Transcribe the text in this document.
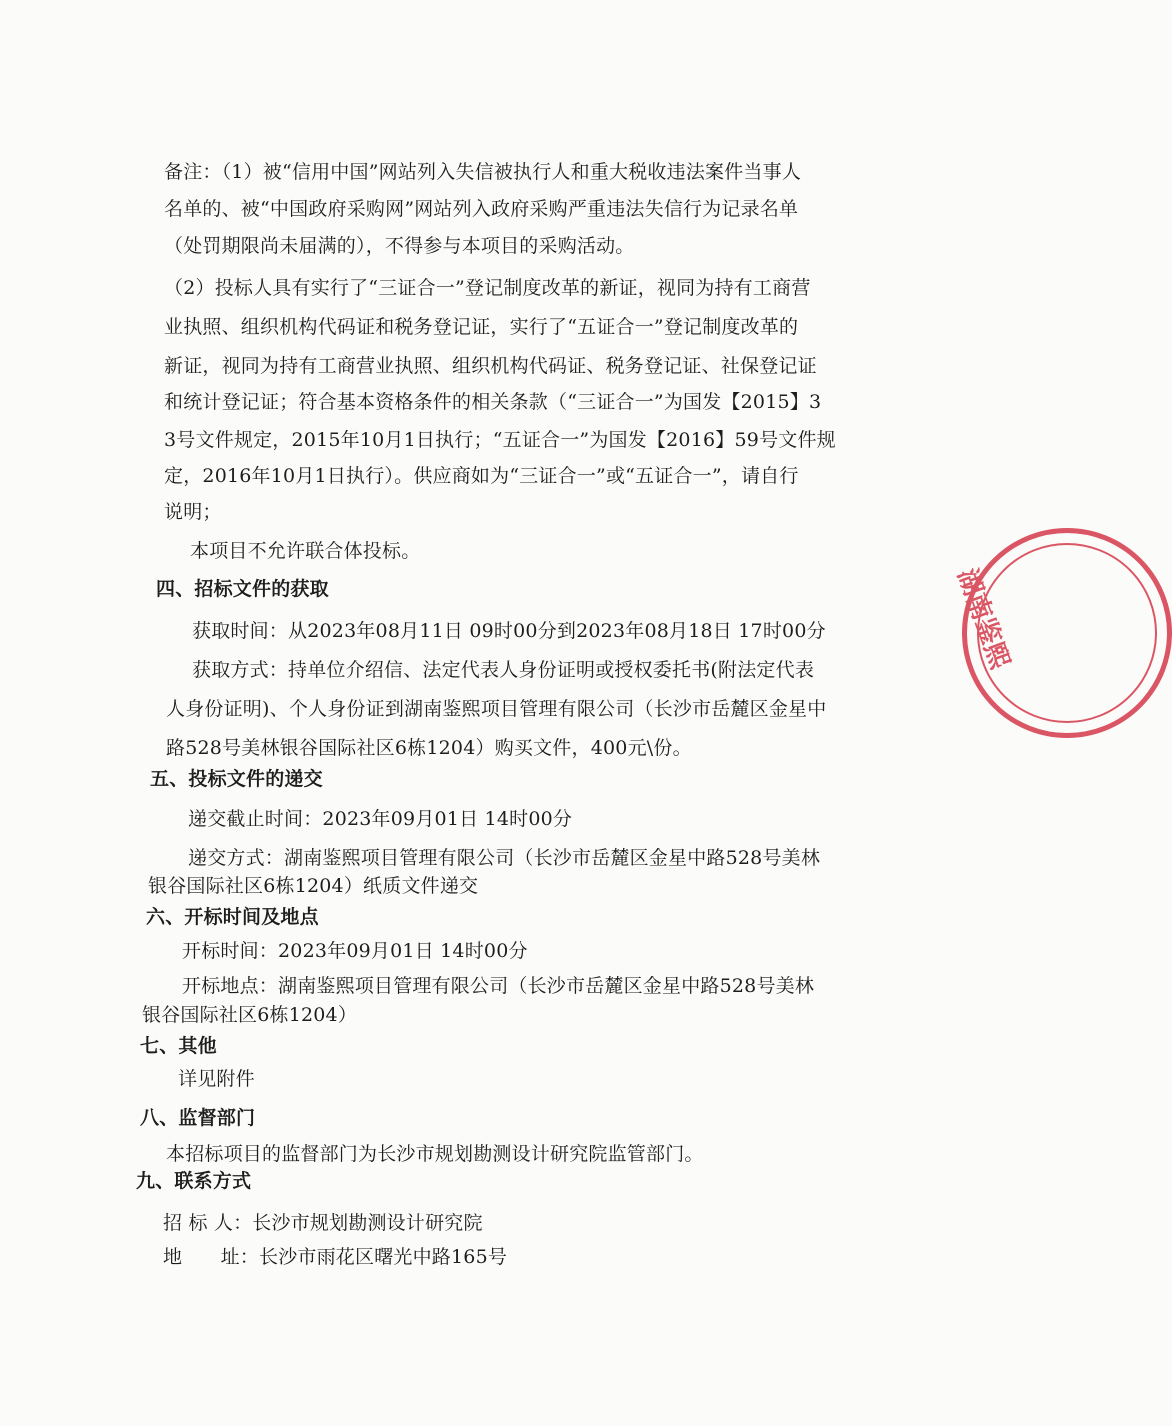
备注：（1）被“信用中国”网站列入失信被执行人和重大税收违法案件当事人
名单的、被“中国政府采购网”网站列入政府采购严重违法失信行为记录名单
（处罚期限尚未届满的），不得参与本项目的采购活动。
（2）投标人具有实行了“三证合一”登记制度改革的新证，视同为持有工商营
业执照、组织机构代码证和税务登记证，实行了“五证合一”登记制度改革的
新证，视同为持有工商营业执照、组织机构代码证、税务登记证、社保登记证
和统计登记证；符合基本资格条件的相关条款（“三证合一”为国发【2015】3
3号文件规定，2015年10月1日执行；“五证合一”为国发【2016】59号文件规
定，2016年10月1日执行）。供应商如为“三证合一”或“五证合一”，请自行
说明；
本项目不允许联合体投标。
四、招标文件的获取
获取时间：从2023年08月11日 09时00分到2023年08月18日 17时00分
获取方式：持单位介绍信、法定代表人身份证明或授权委托书(附法定代表
人身份证明)、个人身份证到湖南鉴熙项目管理有限公司（长沙市岳麓区金星中
路528号美林银谷国际社区6栋1204）购买文件，400元\份。
五、投标文件的递交
递交截止时间：2023年09月01日 14时00分
递交方式：湖南鉴熙项目管理有限公司（长沙市岳麓区金星中路528号美林
银谷国际社区6栋1204）纸质文件递交
六、开标时间及地点
开标时间：2023年09月01日 14时00分
开标地点：湖南鉴熙项目管理有限公司（长沙市岳麓区金星中路528号美林
银谷国际社区6栋1204）
七、其他
详见附件
八、监督部门
本招标项目的监督部门为长沙市规划勘测设计研究院监管部门。
九、联系方式
招 标 人：长沙市规划勘测设计研究院
地　　址：长沙市雨花区曙光中路165号
湖南鉴熙
